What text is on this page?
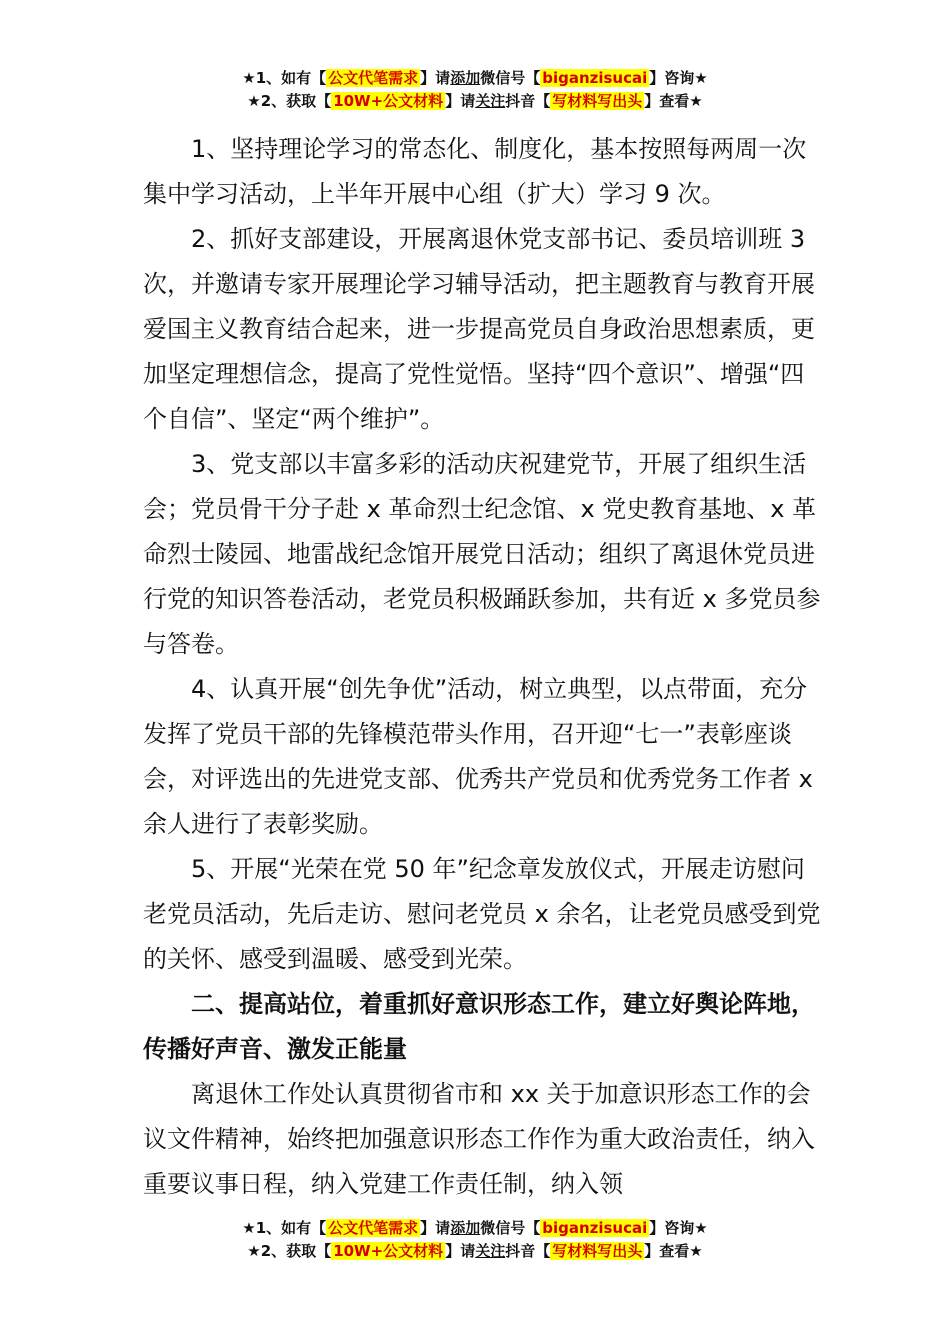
★1、如有【 公文代笔需求 】请添加微信号【 biganzisucai 】咨询★
★2、获取【 10W+公文材料 】请关注抖音【 写材料写出头 】查看★

1、坚持理论学习的常态化、制度化，基本按照每两周一次集中学习活动，上半年开展中心组（扩大）学习 9 次。

2、抓好支部建设，开展离退休党支部书记、委员培训班 3 次，并邀请专家开展理论学习辅导活动，把主题教育与教育开展爱国主义教育结合起来，进一步提高党员自身政治思想素质，更加坚定理想信念，提高了党性觉悟。坚持“四个意识”、增强“四个自信”、坚定“两个维护”。

3、党支部以丰富多彩的活动庆祝建党节，开展了组织生活会；党员骨干分子赴 x 革命烈士纪念馆、x 党史教育基地、x 革命烈士陵园、地雷战纪念馆开展党日活动；组织了离退休党员进行党的知识答卷活动，老党员积极踊跃参加，共有近 x 多党员参与答卷。

4、认真开展“创先争优”活动，树立典型，以点带面，充分发挥了党员干部的先锋模范带头作用，召开迎“七一”表彰座谈会，对评选出的先进党支部、优秀共产党员和优秀党务工作者 x 余人进行了表彰奖励。

5、开展“光荣在党 50 年”纪念章发放仪式，开展走访慰问老党员活动，先后走访、慰问老党员 x 余名，让老党员感受到党的关怀、感受到温暖、感受到光荣。

二、提高站位，着重抓好意识形态工作，建立好舆论阵地，传播好声音、激发正能量

离退休工作处认真贯彻省市和 xx 关于加意识形态工作的会议文件精神，始终把加强意识形态工作作为重大政治责任，纳入重要议事日程，纳入党建工作责任制，纳入领

★1、如有【 公文代笔需求 】请添加微信号【 biganzisucai 】咨询★
★2、获取【 10W+公文材料 】请关注抖音【 写材料写出头 】查看★
